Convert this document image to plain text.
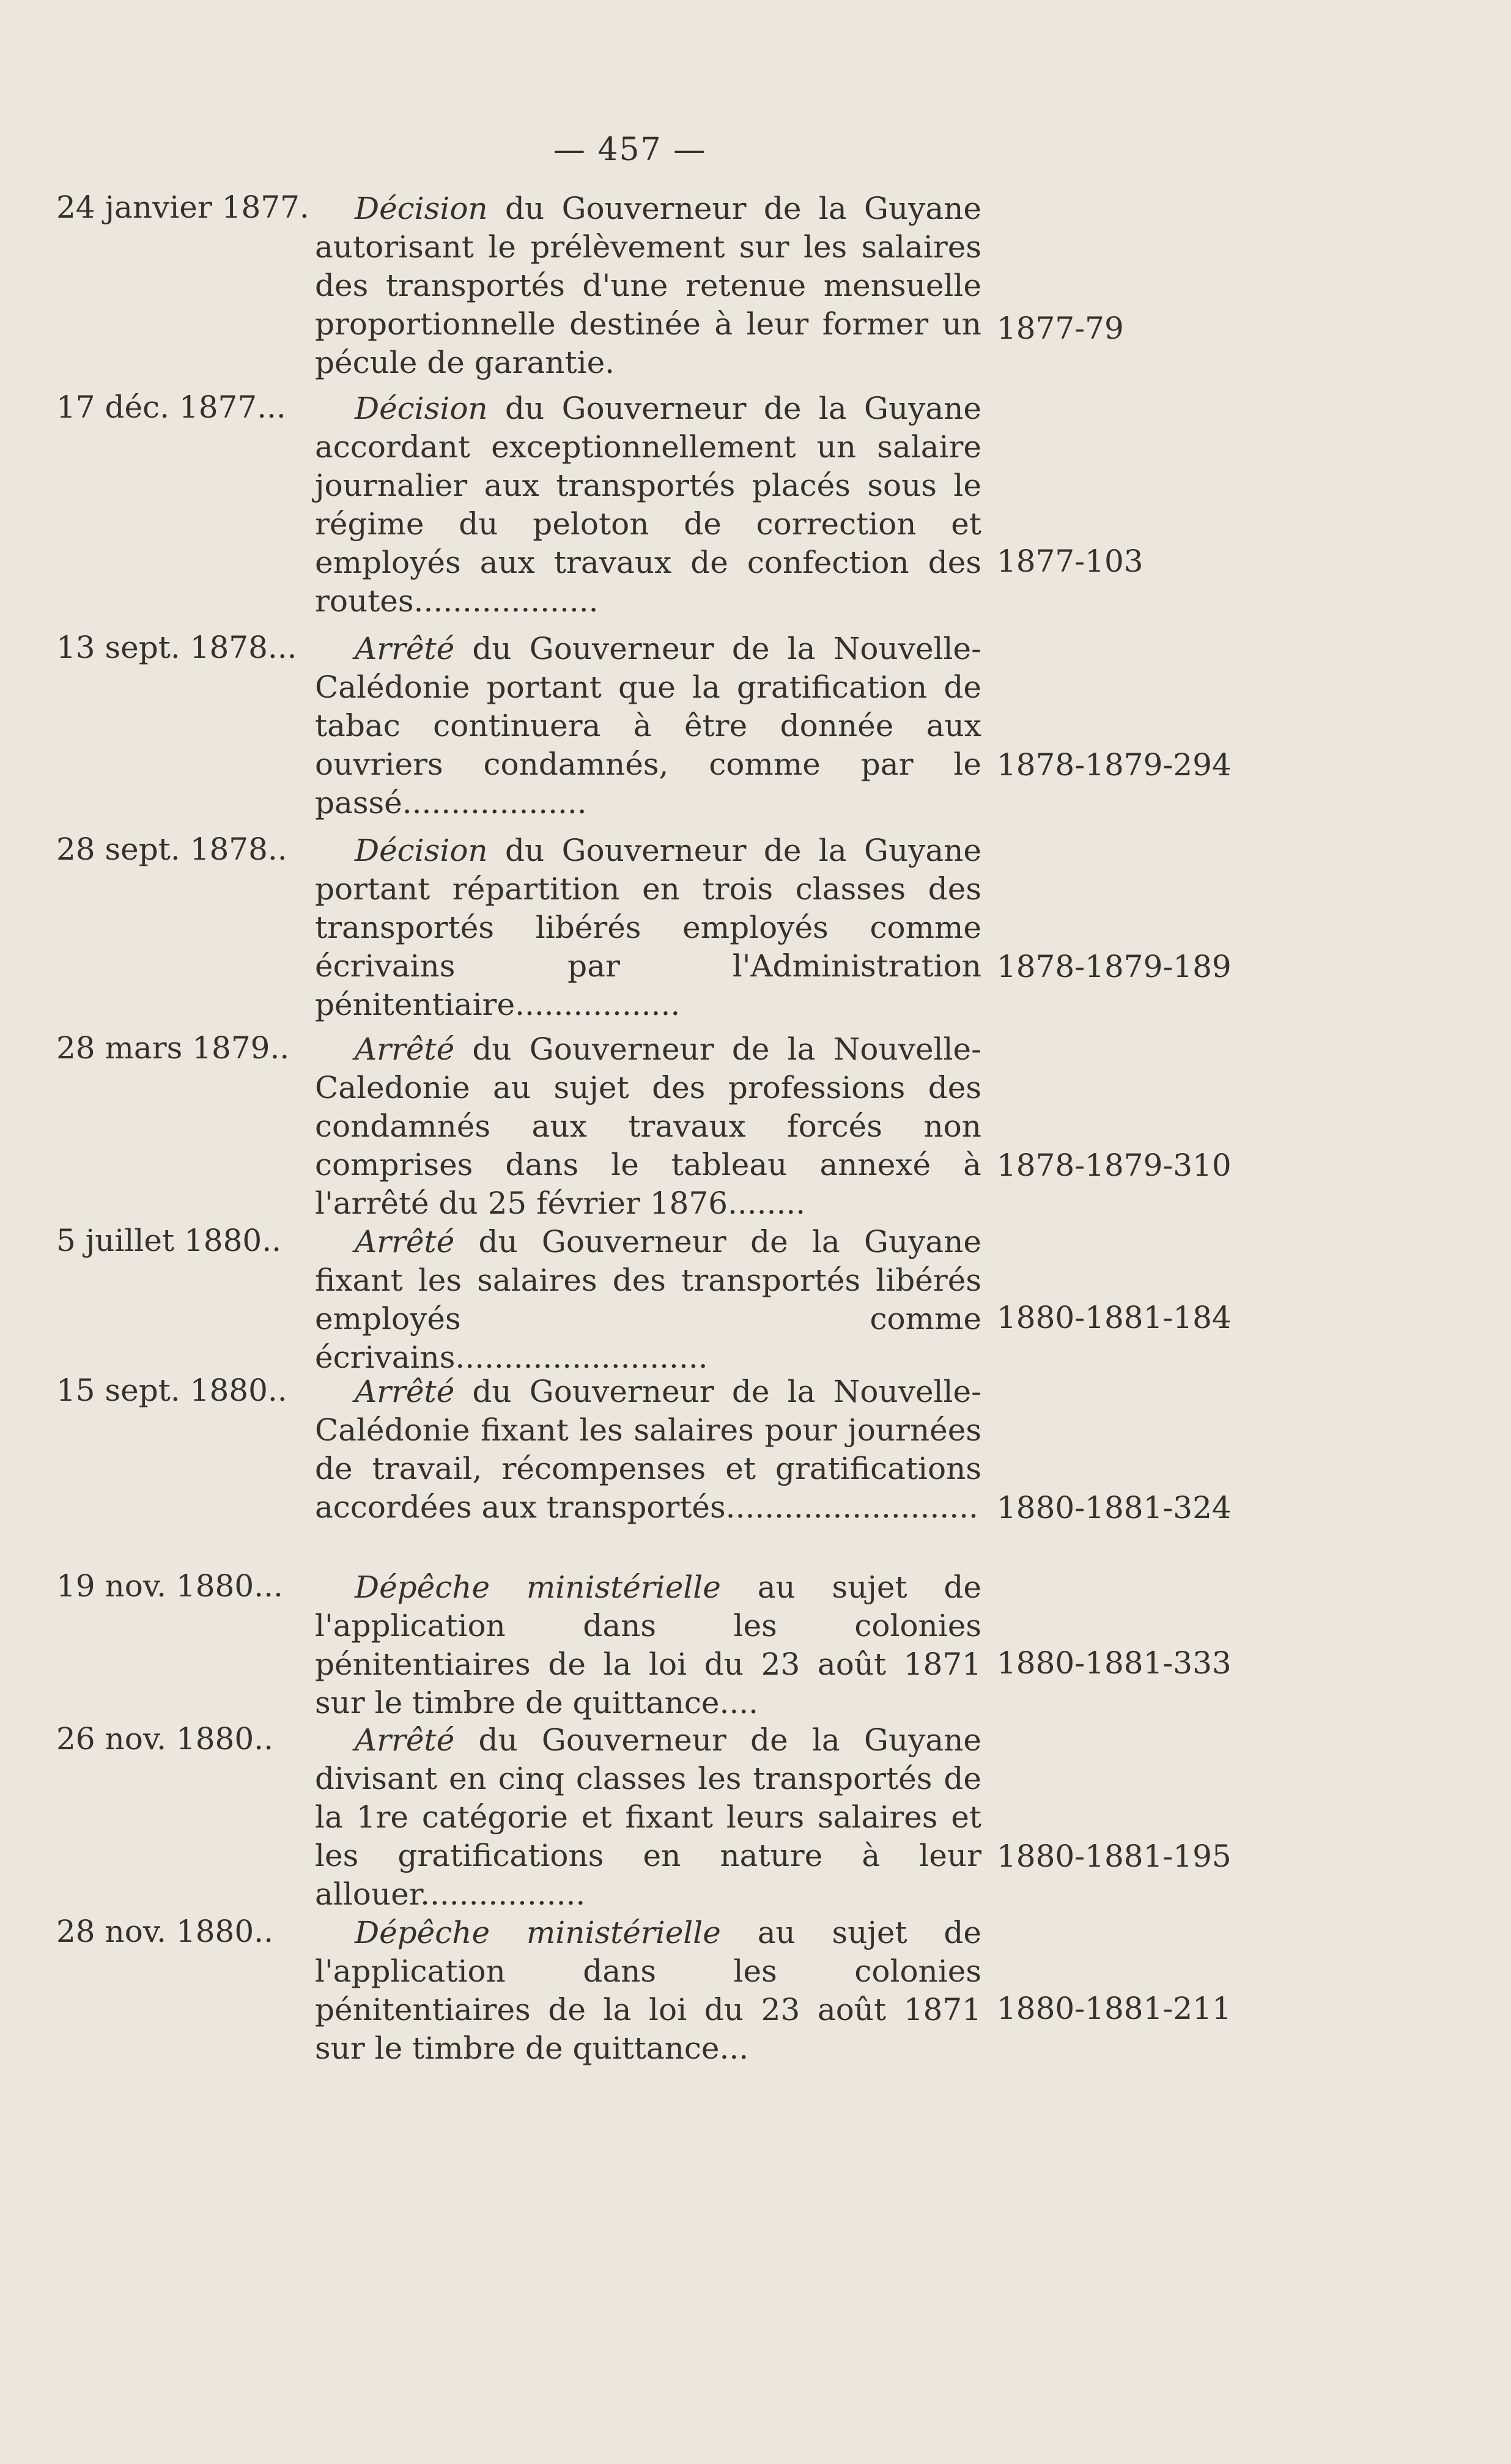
— 457 —
24 janvier 1877.	Décision du Gouverneur de la Guyane autorisant le prélèvement sur les salaires des transportés d'une retenue mensuelle proportionnelle destinée à leur former un pécule de garantie.
1877-79
17 déc. 1877...	Décision du Gouverneur de la Guyane accordant exceptionnellement un salaire journalier aux transportés placés sous le régime du peloton de correction et employés aux travaux de confection des routes...................
1877-103
13 sept. 1878...	Arrêté du Gouverneur de la Nouvelle-Calédonie portant que la gratification de tabac continuera à être donnée aux ouvriers condamnés, comme par le passé...................
1878-1879-294
28 sept. 1878..	Décision du Gouverneur de la Guyane portant répartition en trois classes des transportés libérés employés comme écrivains par l'Administration pénitentiaire.................
1878-1879-189
28 mars 1879..	Arrêté du Gouverneur de la Nouvelle-Caledonie au sujet des professions des condamnés aux travaux forcés non comprises dans le tableau annexé à l'arrêté du 25 février 1876........
1878-1879-310
5 juillet 1880..	Arrêté du Gouverneur de la Guyane fixant les salaires des transportés libérés employés comme écrivains..........................
1880-1881-184
15 sept. 1880..	Arrêté du Gouverneur de la Nouvelle-Calédonie fixant les salaires pour journées de travail, récompenses et gratifications accordées aux transportés.......................... 1880-1881-324
19 nov. 1880...	Dépêche ministérielle au sujet de l'application dans les colonies pénitentiaires de la loi du 23 août 1871 sur le timbre de quittance....
1880-1881-333
26 nov. 1880..	Arrêté du Gouverneur de la Guyane divisant en cinq classes les transportés de la 1re catégorie et fixant leurs salaires et les gratifications en nature à leur allouer.................
1880-1881-195
28 nov. 1880..	Dépêche ministérielle au sujet de l'application dans les colonies pénitentiaires de la loi du 23 août 1871 sur le timbre de quittance...
1880-1881-211
